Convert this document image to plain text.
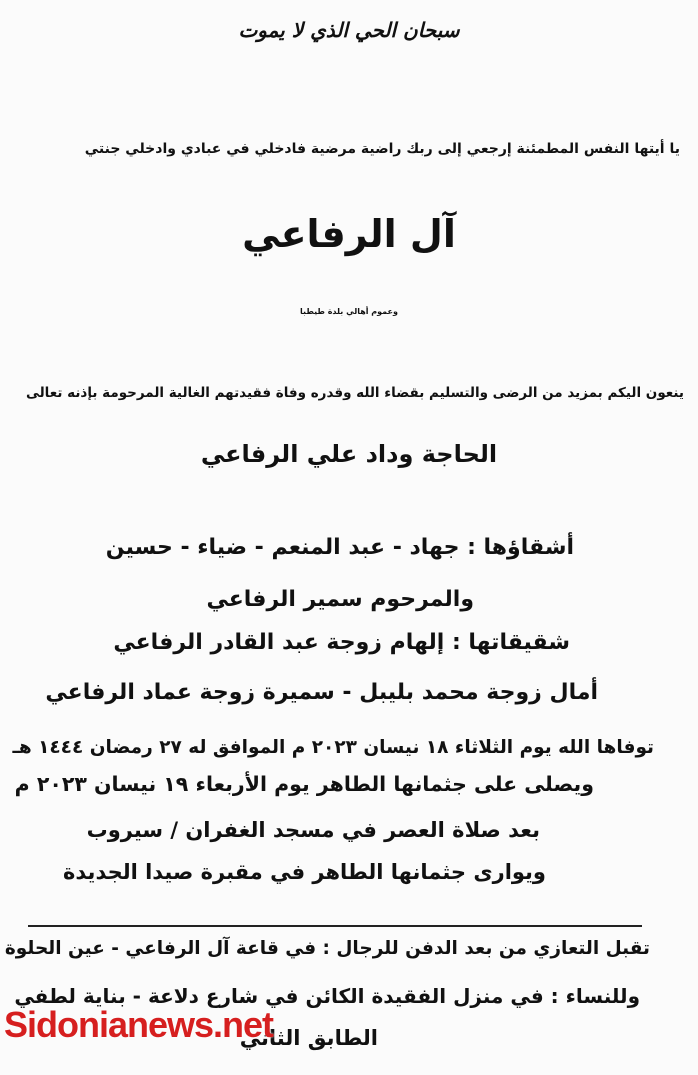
سبحان الحي الذي لا يموت
يا أيتها النفس المطمئنة إرجعي إلى ربك راضية مرضية فادخلي في عبادي وادخلي جنتي
آل الرفاعي
وعموم أهالي بلدة طيطبا
ينعون اليكم بمزيد من الرضى والتسليم بقضاء الله وقدره وفاة فقيدتهم الغالية المرحومة بإذنه تعالى
الحاجة وداد علي الرفاعي
أشقاؤها : جهاد - عبد المنعم - ضياء - حسين
والمرحوم سمير الرفاعي
شقيقاتها : إلهام زوجة عبد القادر الرفاعي
أمال زوجة محمد بليبل - سميرة زوجة عماد الرفاعي
توفاها الله يوم الثلاثاء ١٨ نيسان ٢٠٢٣ م الموافق له ٢٧ رمضان ١٤٤٤ هـ
ويصلى على جثمانها الطاهر يوم الأربعاء ١٩ نيسان ٢٠٢٣ م
بعد صلاة العصر في مسجد الغفران / سيروب
ويوارى جثمانها الطاهر في مقبرة صيدا الجديدة
تقبل التعازي من بعد الدفن للرجال : في قاعة آل الرفاعي - عين الحلوة
وللنساء : في منزل الفقيدة الكائن في شارع دلاعة - بناية لطفي
الطابق الثاني
Sidonianews.net
